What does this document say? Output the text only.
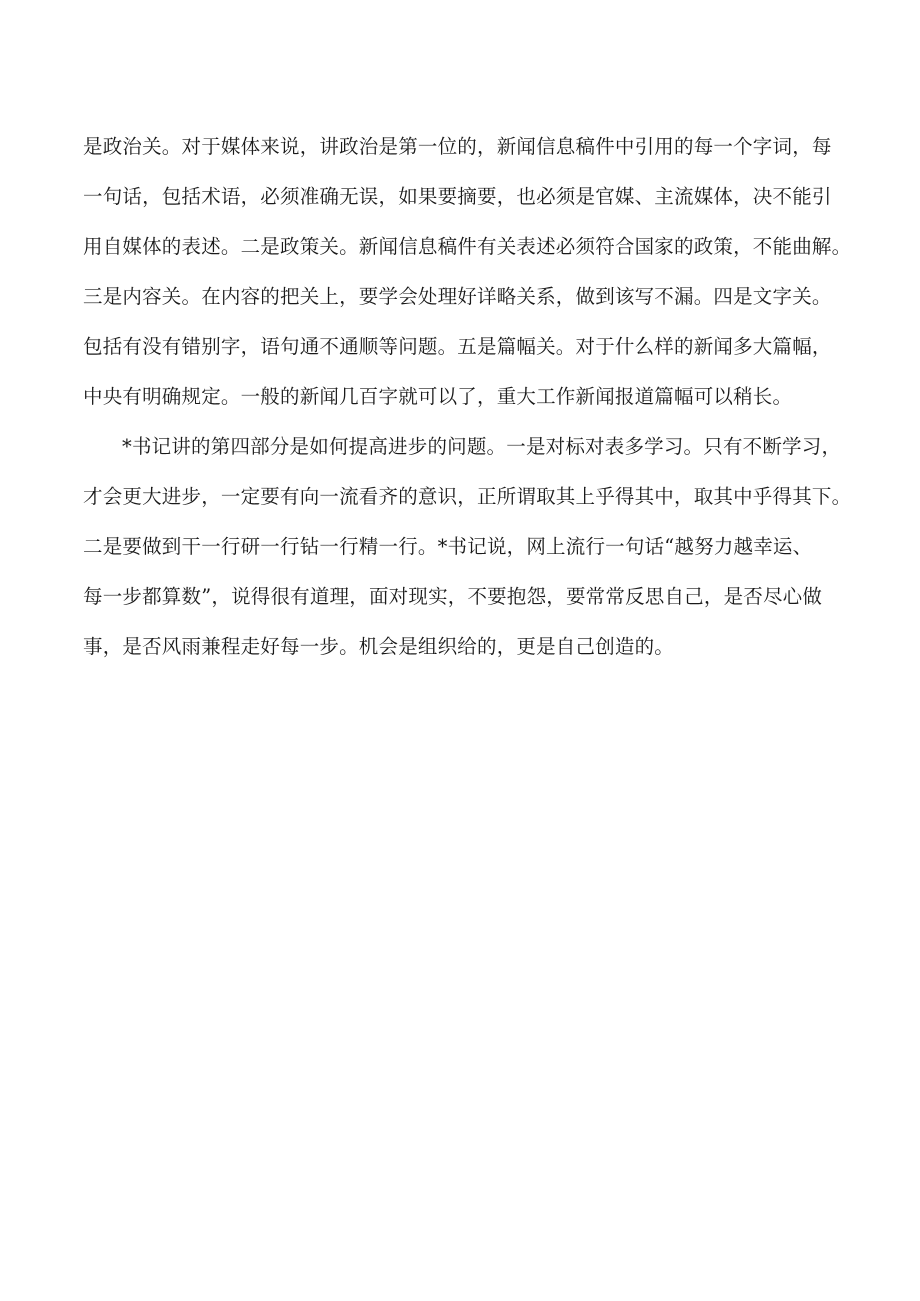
是政治关。对于媒体来说，讲政治是第一位的，新闻信息稿件中引用的每一个字词，每
一句话，包括术语，必须准确无误，如果要摘要，也必须是官媒、主流媒体，决不能引
用自媒体的表述。二是政策关。新闻信息稿件有关表述必须符合国家的政策，不能曲解。
三是内容关。在内容的把关上，要学会处理好详略关系，做到该写不漏。四是文字关。
包括有没有错别字，语句通不通顺等问题。五是篇幅关。对于什么样的新闻多大篇幅，
中央有明确规定。一般的新闻几百字就可以了，重大工作新闻报道篇幅可以稍长。
*书记讲的第四部分是如何提高进步的问题。一是对标对表多学习。只有不断学习，
才会更大进步，一定要有向一流看齐的意识，正所谓取其上乎得其中，取其中乎得其下。
二是要做到干一行研一行钻一行精一行。*书记说，网上流行一句话“越努力越幸运、
每一步都算数”，说得很有道理，面对现实，不要抱怨，要常常反思自己，是否尽心做
事，是否风雨兼程走好每一步。机会是组织给的，更是自己创造的。
